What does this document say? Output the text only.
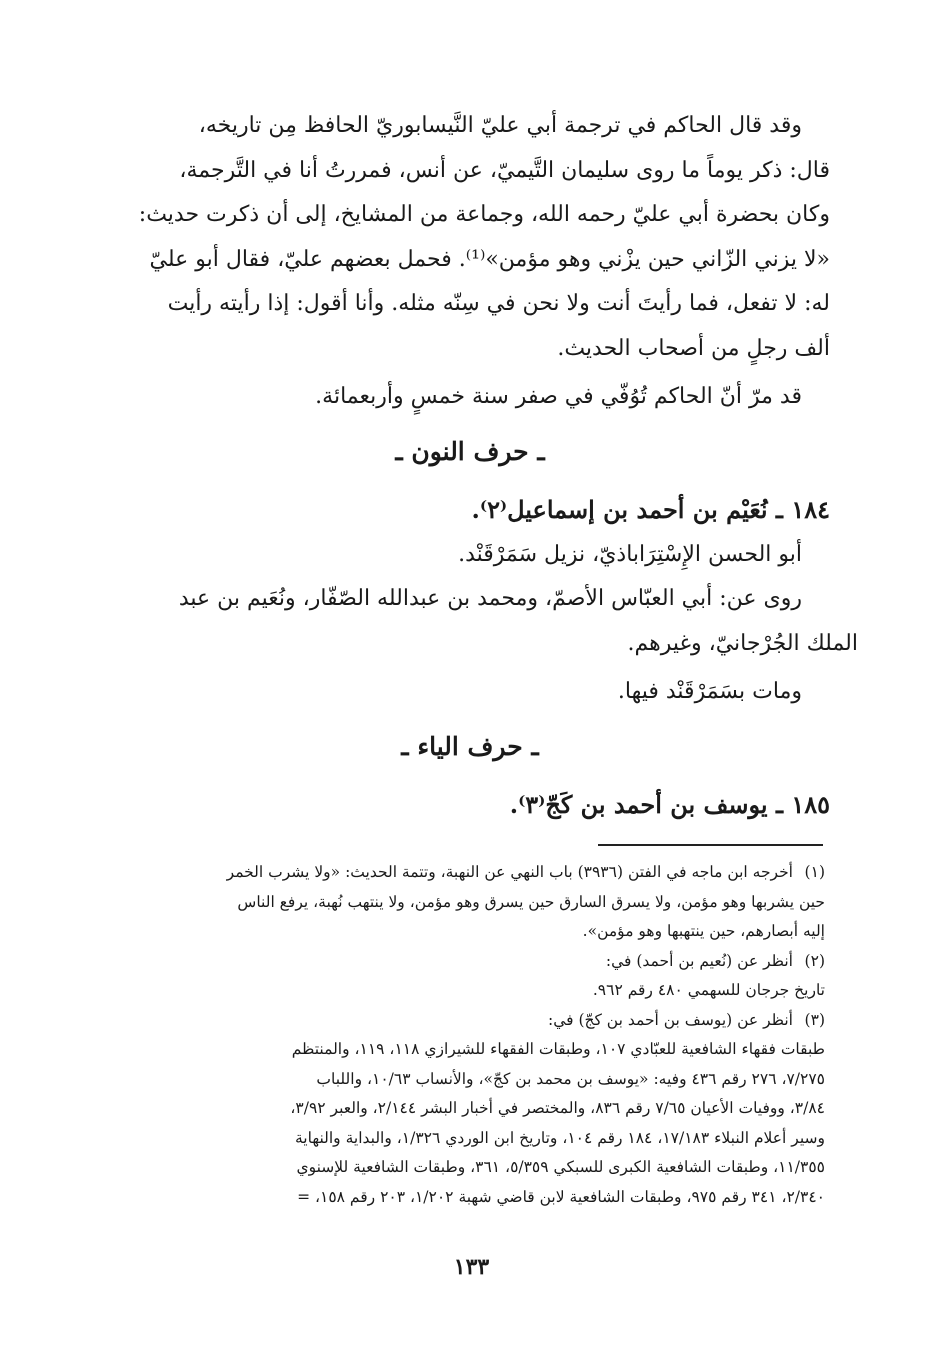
وقد قال الحاكم في ترجمة أبي عليّ النَّيسابوريّ الحافظ مِن تاريخه،
قال: ذكر يوماً ما روى سليمان التَّيميّ، عن أنس، فمررتُ أنا في التَّرجمة،
وكان بحضرة أبي عليّ رحمه الله، وجماعة من المشايخ، إلى أن ذكرت حديث:
«لا يزني الزّاني حين يزْني وهو مؤمن»⁽¹⁾. فحمل بعضهم عليّ، فقال أبو عليّ
له: لا تفعل، فما رأيتَ أنت ولا نحن في سِنّه مثله. وأنا أقول: إذا رأيته رأيت
ألف رجلٍ من أصحاب الحديث.

قد مرّ أنّ الحاكم تُوُفّي في صفر سنة خمسٍ وأربعمائة.

ـ حرف النون ـ

١٨٤ ـ نُعَيْم بن أحمد بن إسماعيل⁽٢⁾.

أبو الحسن الإِسْتِرَاباذيّ، نزيل سَمَرْقَنْد.

روى عن: أبي العبّاس الأصمّ، ومحمد بن عبدالله الصّفّار، ونُعَيم بن عبد
الملك الجُرْجانيّ، وغيرهم.

ومات بسَمَرْقَنْد فيها.

ـ حرف الياء ـ

١٨٥ ـ يوسف بن أحمد بن كَجّ⁽٣⁾.

(١)
أخرجه ابن ماجه في الفتن (٣٩٣٦) باب النهي عن النهبة، وتتمة الحديث: «ولا يشرب الخمر
حين يشربها وهو مؤمن، ولا يسرق السارق حين يسرق وهو مؤمن، ولا ينتهب نُهبة، يرفع الناس
إليه أبصارهم، حين ينتهبها وهو مؤمن».
(٢)
أنظر عن (نُعيم بن أحمد) في:
تاريخ جرجان للسهمي ٤٨٠ رقم ٩٦٢.
(٣)
أنظر عن (يوسف بن أحمد بن كجّ) في:
طبقات فقهاء الشافعية للعبّادي ١٠٧، وطبقات الفقهاء للشيرازي ١١٨، ١١٩، والمنتظم
٧/٢٧٥، ٢٧٦ رقم ٤٣٦ وفيه: «يوسف بن محمد بن كجّ»، والأنساب ١٠/٦٣، واللباب
٣/٨٤، ووفيات الأعيان ٧/٦٥ رقم ٨٣٦، والمختصر في أخبار البشر ٢/١٤٤، والعبر ٣/٩٢،
وسير أعلام النبلاء ١٧/١٨٣، ١٨٤ رقم ١٠٤، وتاريخ ابن الوردي ١/٣٢٦، والبداية والنهاية
١١/٣٥٥، وطبقات الشافعية الكبرى للسبكي ٥/٣٥٩، ٣٦١، وطبقات الشافعية للإسنوي
٢/٣٤٠، ٣٤١ رقم ٩٧٥، وطبقات الشافعية لابن قاضي شهبة ١/٢٠٢، ٢٠٣ رقم ١٥٨، =
١٣٣
